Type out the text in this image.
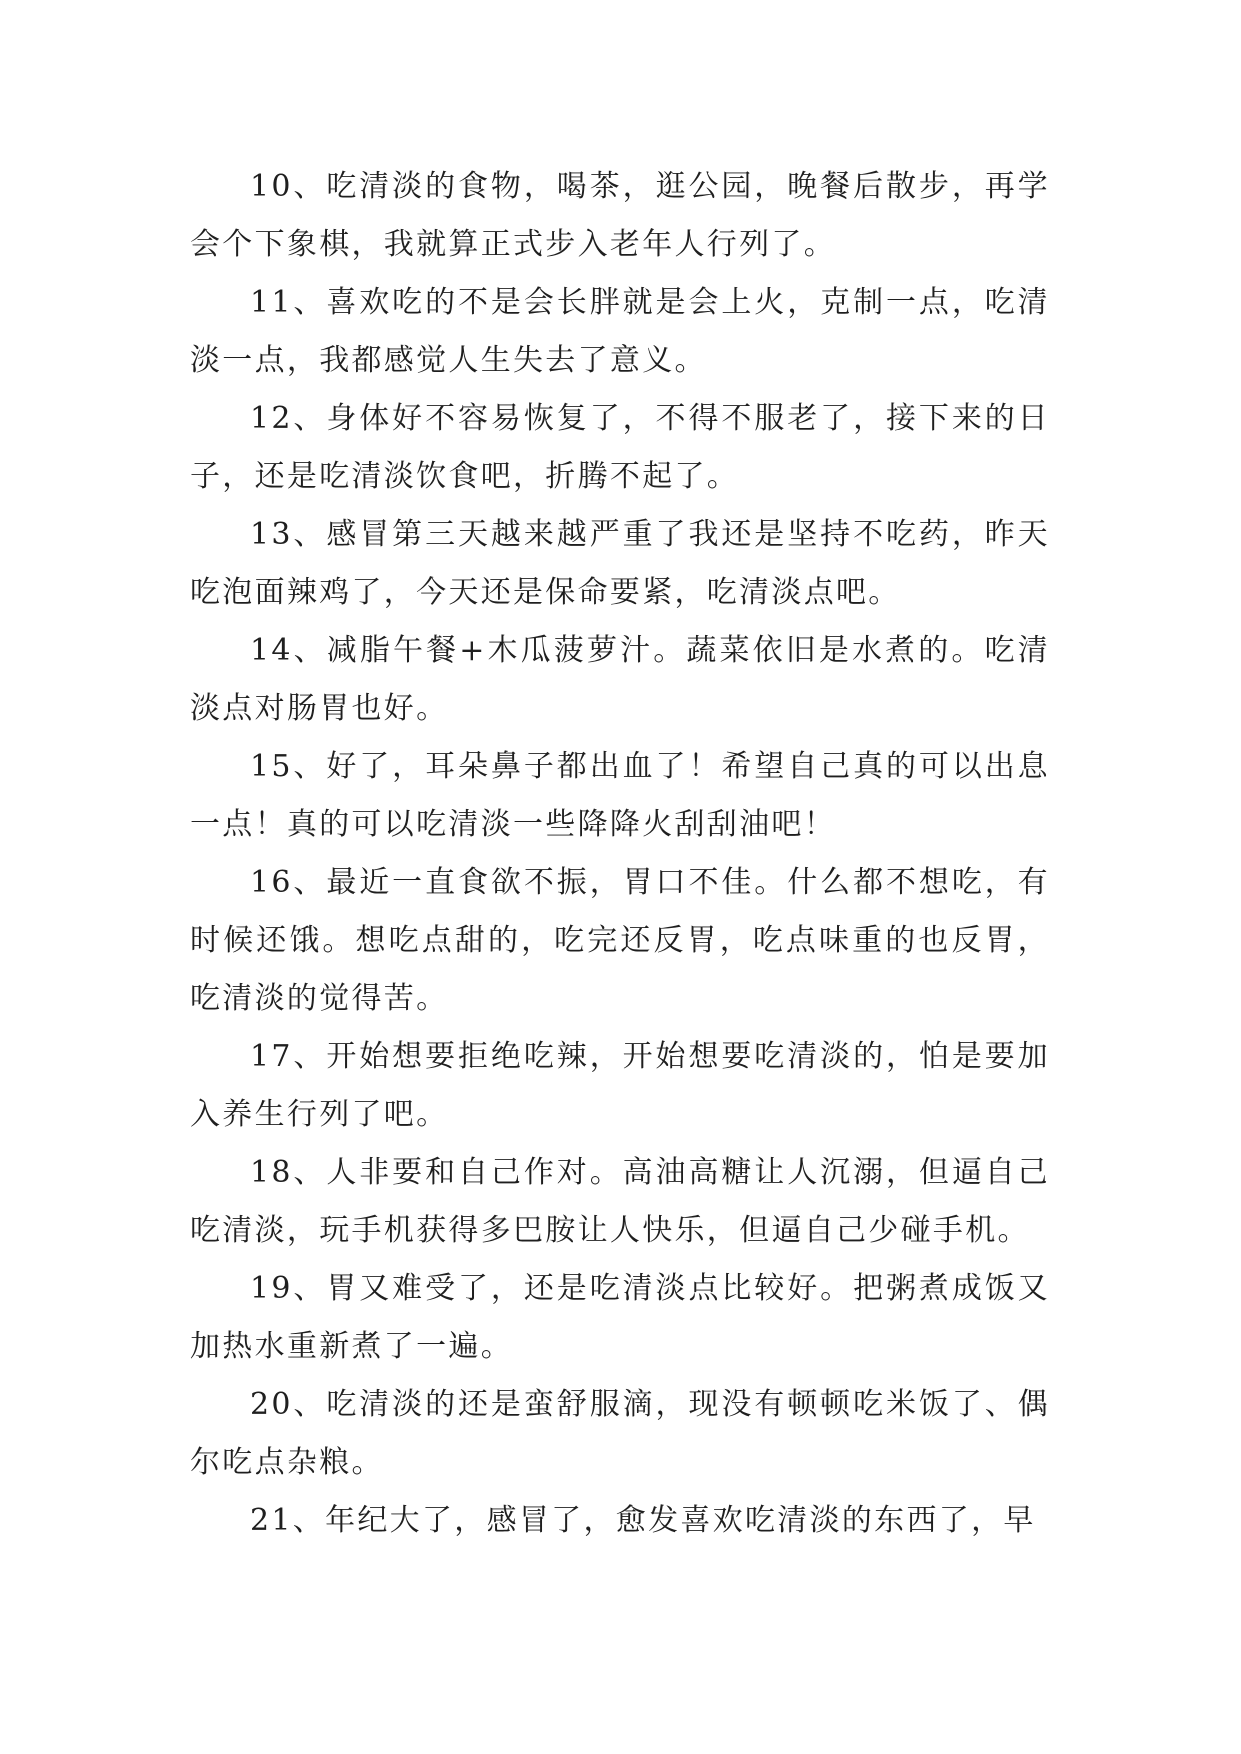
10、吃清淡的食物，喝茶，逛公园，晚餐后散步，再学会个下象棋，我就算正式步入老年人行列了。

11、喜欢吃的不是会长胖就是会上火，克制一点，吃清淡一点，我都感觉人生失去了意义。

12、身体好不容易恢复了，不得不服老了，接下来的日子，还是吃清淡饮食吧，折腾不起了。

13、感冒第三天越来越严重了我还是坚持不吃药，昨天吃泡面辣鸡了，今天还是保命要紧，吃清淡点吧。

14、减脂午餐+木瓜菠萝汁。蔬菜依旧是水煮的。吃清淡点对肠胃也好。

15、好了，耳朵鼻子都出血了！希望自己真的可以出息一点！真的可以吃清淡一些降降火刮刮油吧！

16、最近一直食欲不振，胃口不佳。什么都不想吃，有时候还饿。想吃点甜的，吃完还反胃，吃点味重的也反胃，吃清淡的觉得苦。

17、开始想要拒绝吃辣，开始想要吃清淡的，怕是要加入养生行列了吧。

18、人非要和自己作对。高油高糖让人沉溺，但逼自己吃清淡，玩手机获得多巴胺让人快乐，但逼自己少碰手机。

19、胃又难受了，还是吃清淡点比较好。把粥煮成饭又加热水重新煮了一遍。

20、吃清淡的还是蛮舒服滴，现没有顿顿吃米饭了、偶尔吃点杂粮。

21、年纪大了，感冒了，愈发喜欢吃清淡的东西了，早
